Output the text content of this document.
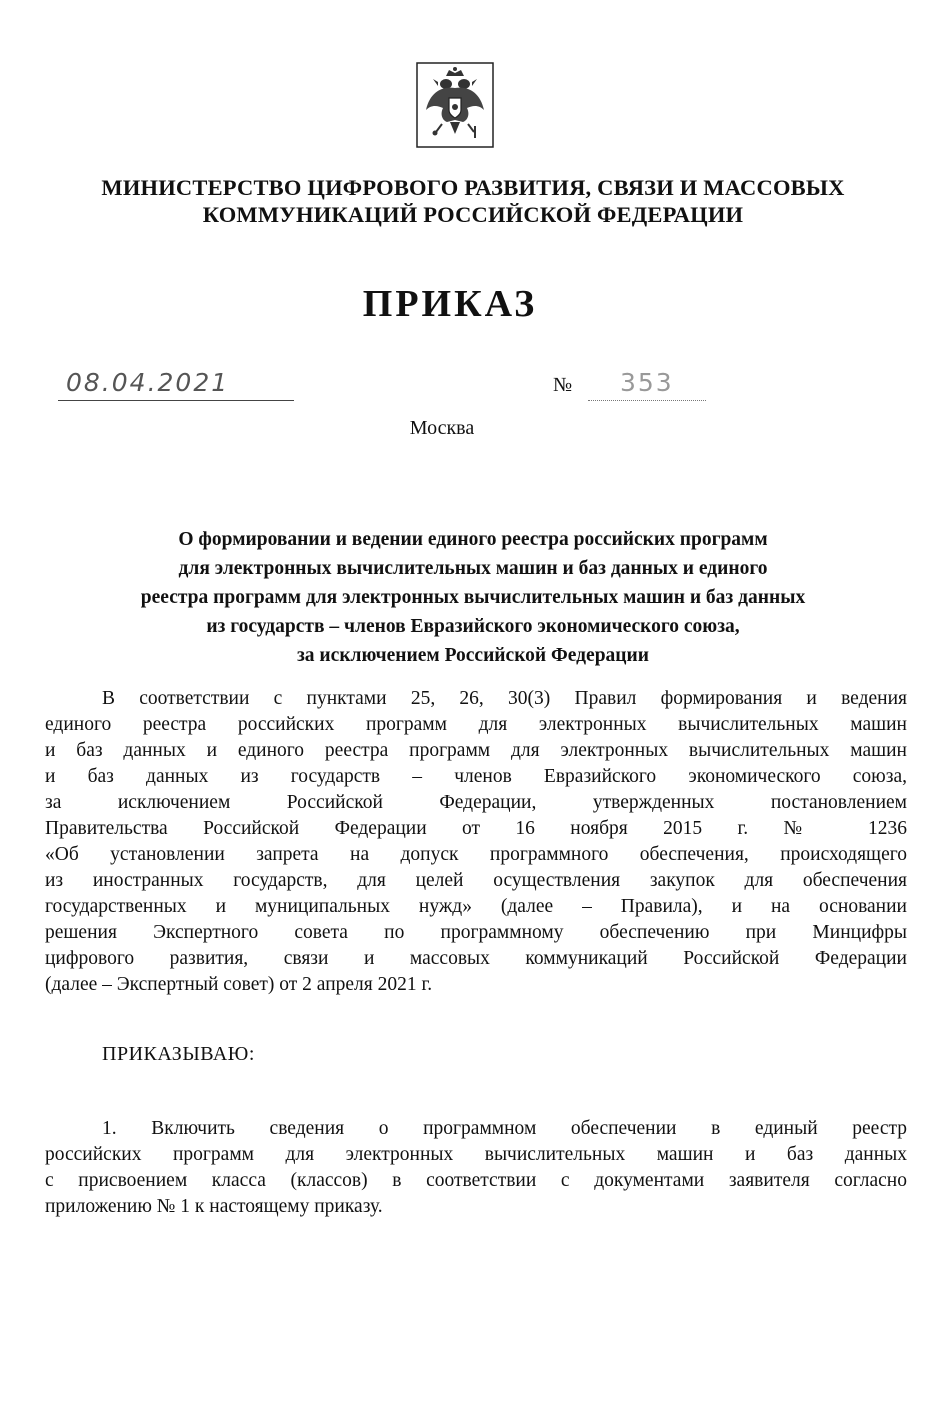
МИНИСТЕРСТВО ЦИФРОВОГО РАЗВИТИЯ, СВЯЗИ И МАССОВЫХ
КОММУНИКАЦИЙ РОССИЙСКОЙ ФЕДЕРАЦИИ
ПРИКАЗ
08.04.2021	№ 353
Москва
О формировании и ведении единого реестра российских программ
для электронных вычислительных машин и баз данных и единого
реестра программ для электронных вычислительных машин и баз данных
из государств – членов Евразийского экономического союза,
за исключением Российской Федерации
В соответствии с пунктами 25, 26, 30(3) Правил формирования и ведения
единого реестра российских программ для электронных вычислительных машин
и баз данных и единого реестра программ для электронных вычислительных машин
и баз данных из государств – членов Евразийского экономического союза,
за исключением Российской Федерации, утвержденных постановлением
Правительства Российской Федерации от 16 ноября 2015 г. № 1236
«Об установлении запрета на допуск программного обеспечения, происходящего
из иностранных государств, для целей осуществления закупок для обеспечения
государственных и муниципальных нужд» (далее – Правила), и на основании
решения Экспертного совета по программному обеспечению при Минцифры
цифрового развития, связи и массовых коммуникаций Российской Федерации
(далее – Экспертный совет) от 2 апреля 2021 г.
ПРИКАЗЫВАЮ:
1. Включить сведения о программном обеспечении в единый реестр
российских программ для электронных вычислительных машин и баз данных
с присвоением класса (классов) в соответствии с документами заявителя согласно
приложению № 1 к настоящему приказу.
